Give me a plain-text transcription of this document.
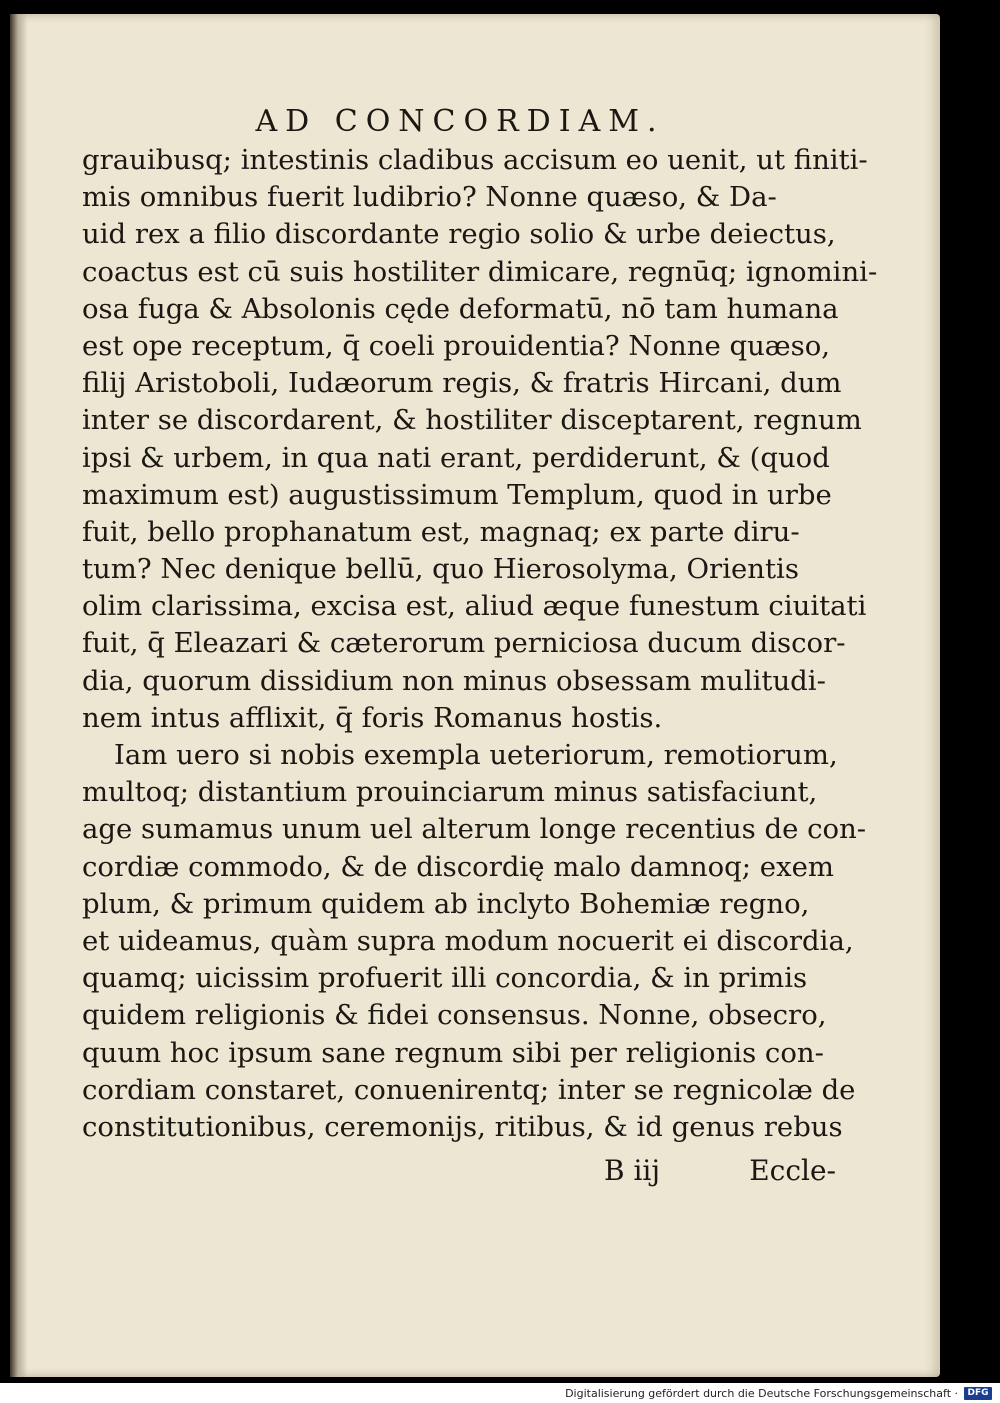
AD CONCORDIAM.
grauibusq; intestinis cladibus accisum eo uenit, ut finiti-
mis omnibus fuerit ludibrio? Nonne quæso, & Da-
uid rex a filio discordante regio solio & urbe deiectus,
coactus est cū suis hostiliter dimicare, regnūq; ignomini-
osa fuga & Absolonis cęde deformatū, nō tam humana
est ope receptum, q̄ coeli prouidentia? Nonne quæso,
filij Aristoboli, Iudæorum regis, & fratris Hircani, dum
inter se discordarent, & hostiliter disceptarent, regnum
ipsi & urbem, in qua nati erant, perdiderunt, & (quod
maximum est) augustissimum Templum, quod in urbe
fuit, bello prophanatum est, magnaq; ex parte diru-
tum? Nec denique bellū, quo Hierosolyma, Orientis
olim clarissima, excisa est, aliud æque funestum ciuitati
fuit, q̄ Eleazari & cæterorum perniciosa ducum discor-
dia, quorum dissidium non minus obsessam mulitudi-
nem intus afflixit, q̄ foris Romanus hostis.
Iam uero si nobis exempla ueteriorum, remotiorum,
multoq; distantium prouinciarum minus satisfaciunt,
age sumamus unum uel alterum longe recentius de con-
cordiæ commodo, & de discordię malo damnoq; exem
plum, & primum quidem ab inclyto Bohemiæ regno,
et uideamus, quàm supra modum nocuerit ei discordia,
quamq; uicissim profuerit illi concordia, & in primis
quidem religionis & fidei consensus. Nonne, obsecro,
quum hoc ipsum sane regnum sibi per religionis con-
cordiam constaret, conuenirentq; inter se regnicolæ de
constitutionibus, ceremonijs, ritibus, & id genus rebus
B iij	Eccle-
Digitalisierung gefördert durch die Deutsche Forschungsgemeinschaft ·	DFG
